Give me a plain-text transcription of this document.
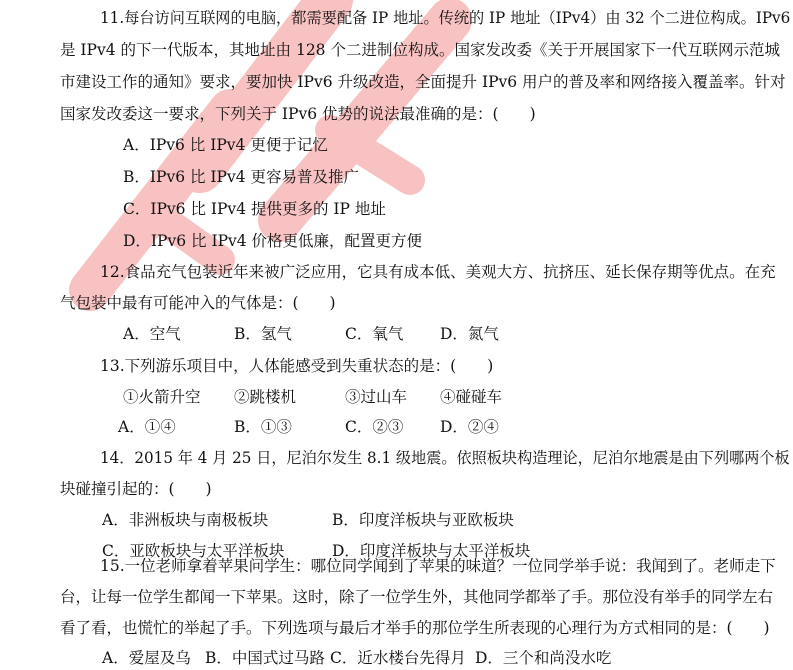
11.每台访问互联网的电脑，都需要配备 IP 地址。传统的 IP 地址（IPv4）由 32 个二进位构成。IPv6
是 IPv4 的下一代版本，其地址由 128 个二进制位构成。国家发改委《关于开展国家下一代互联网示范城
市建设工作的通知》要求，要加快 IPv6 升级改造，全面提升 IPv6 用户的普及率和网络接入覆盖率。针对
国家发改委这一要求，下列关于 IPv6 优势的说法最准确的是：(　　)
A．IPv6 比 IPv4 更便于记忆
B．IPv6 比 IPv4 更容易普及推广
C．IPv6 比 IPv4 提供更多的 IP 地址
D．IPv6 比 IPv4 价格更低廉，配置更方便
12.食品充气包装近年来被广泛应用，它具有成本低、美观大方、抗挤压、延长保存期等优点。在充
气包装中最有可能冲入的气体是：(　　)
A．空气	B．氢气	C．氧气 D．氮气
13.下列游乐项目中，人体能感受到失重状态的是：(　　)
①火箭升空 ②跳楼机	③过山车 ④碰碰车
A．①④	B．①③	C．②③ D．②④
14．2015 年 4 月 25 日，尼泊尔发生 8.1 级地震。依照板块构造理论，尼泊尔地震是由下列哪两个板
块碰撞引起的：(　　)
A．非洲板块与南极板块	B．印度洋板块与亚欧板块
C．亚欧板块与太平洋板块	D．印度洋板块与太平洋板块
15.一位老师拿着苹果问学生：哪位同学闻到了苹果的味道？一位同学举手说：我闻到了。老师走下
台，让每一位学生都闻一下苹果。这时，除了一位学生外，其他同学都举了手。那位没有举手的同学左右
看了看，也慌忙的举起了手。下列选项与最后才举手的那位学生所表现的心理行为方式相同的是：(　　)
A．爱屋及乌 B．中国式过马路 C．近水楼台先得月 D．三个和尚没水吃
